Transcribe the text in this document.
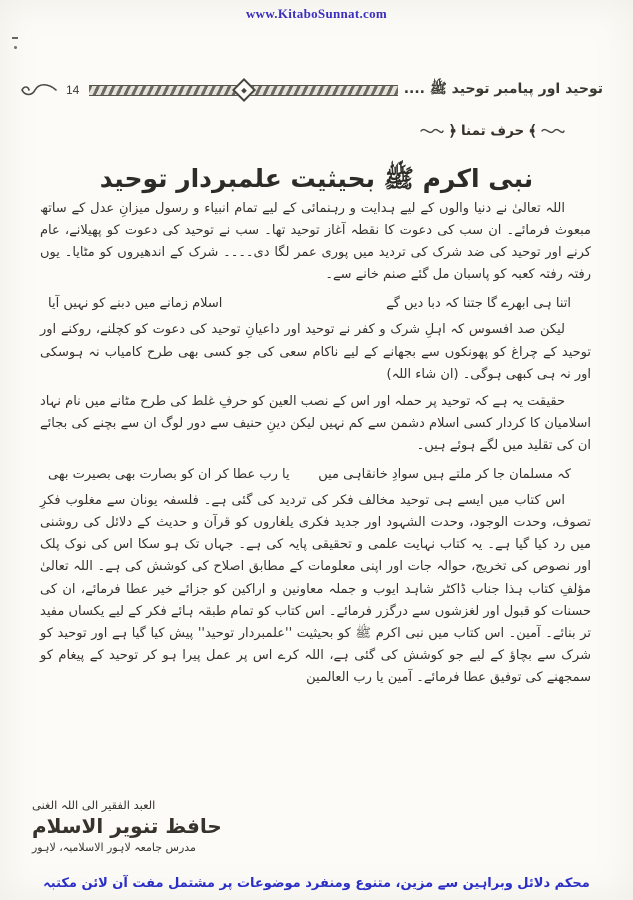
www.KitaboSunnat.com
14	توحید اور پیامبر توحید ﷺ ....
﴾
حرف تمنا
﴿
نبی اکرم ﷺ بحیثیت علمبردار توحید

اللہ تعالیٰ نے دنیا والوں کے لیے ہدایت و رہنمائی کے لیے تمام انبیاء و رسول میزانِ عدل کے ساتھ مبعوث فرمائے۔ ان سب کی دعوت کا نقطہ آغاز توحید تھا۔ سب نے توحید کی دعوت کو پھیلانے، عام کرنے اور توحید کی ضد شرک کی تردید میں پوری عمر لگا دی۔۔۔۔ شرک کے اندھیروں کو مٹایا۔ یوں رفتہ رفتہ کعبہ کو پاسبان مل گئے صنم خانے سے۔

اتنا ہی ابھرے گا جتنا کہ دبا دیں گے
اسلام زمانے میں دبنے کو نہیں آیا

لیکن صد افسوس کہ اہلِ شرک و کفر نے توحید اور داعیانِ توحید کی دعوت کو کچلنے، روکنے اور توحید کے چراغ کو پھونکوں سے بجھانے کے لیے ناکام سعی کی جو کسی بھی طرح کامیاب نہ ہوسکی اور نہ ہی کبھی ہوگی۔ (ان شاء اللہ)

حقیقت یہ ہے کہ توحید پر حملہ اور اس کے نصب العین کو حرفِ غلط کی طرح مٹانے میں نام نہاد اسلامیان کا کردار کسی اسلام دشمن سے کم نہیں لیکن دینِ حنیف سے دور لوگ ان سے بچنے کی بجائے ان کی تقلید میں لگے ہوئے ہیں۔

کہ مسلمان جا کر ملتے ہیں سوادِ خانقاہی میں
یا رب عطا کر ان کو بصارت بھی بصیرت بھی

اس کتاب میں ایسے ہی توحید مخالف فکر کی تردید کی گئی ہے۔ فلسفہ یونان سے مغلوب فکرِ تصوف، وحدت الوجود، وحدت الشہود اور جدید فکری یلغاروں کو قرآن و حدیث کے دلائل کی روشنی میں رد کیا گیا ہے۔ یہ کتاب نہایت علمی و تحقیقی پایہ کی ہے۔ جہاں تک ہو سکا اس کی نوک پلک اور نصوص کی تخریج، حوالہ جات اور اپنی معلومات کے مطابق اصلاح کی کوشش کی ہے۔ اللہ تعالیٰ مؤلفِ کتاب ہذا جناب ڈاکٹر شاہد ایوب و جملہ معاونین و اراکین کو جزائے خیر عطا فرمائے، ان کی حسنات کو قبول اور لغزشوں سے درگزر فرمائے۔ اس کتاب کو تمام طبقہ ہائے فکر کے لیے یکساں مفید تر بنائے۔ آمین۔ اس کتاب میں نبی اکرم ﷺ کو بحیثیت ''علمبردار توحید'' پیش کیا گیا ہے اور توحید کو شرک سے بچاؤ کے لیے جو کوشش کی گئی ہے، اللہ کرے اس پر عمل پیرا ہو کر توحید کے پیغام کو سمجھنے کی توفیق عطا فرمائے۔ آمین یا رب العالمین

العبد الفقیر الی اللہ الغنی

حافظ تنویر الاسلام

مدرس جامعہ لاہور الاسلامیہ، لاہور

محکم دلائل وبراہین سے مزین، متنوع ومنفرد موضوعات پر مشتمل مفت آن لائن مکتبہ
